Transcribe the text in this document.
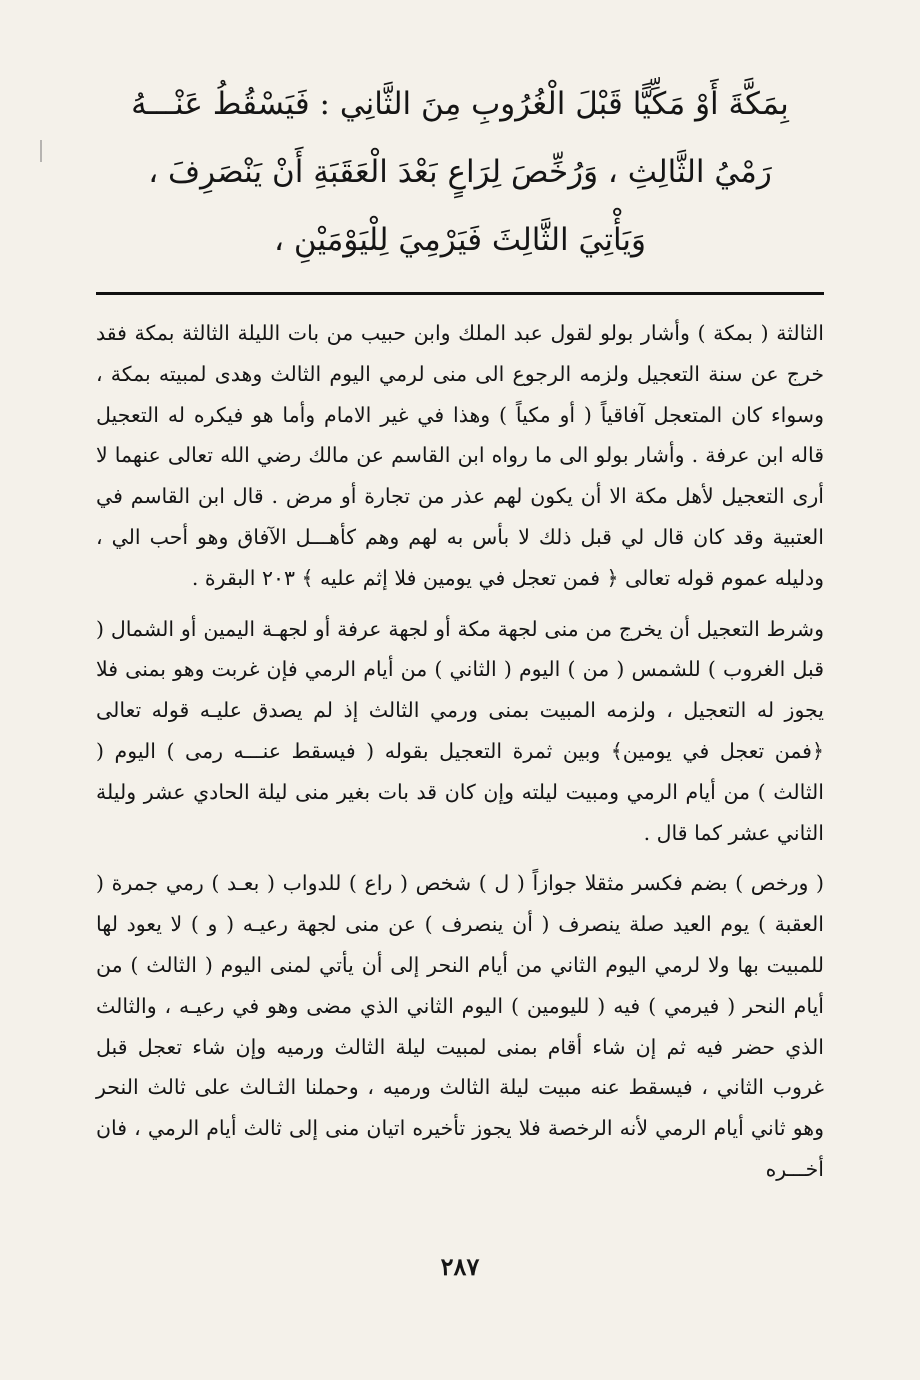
بِمَكَّةَ أَوْ مَكِّيًّا قَبْلَ الْغُرُوبِ مِنَ الثَّانِي : فَيَسْقُطُ عَنْـــهُ
رَمْيُ الثَّالِثِ ، وَرُخِّصَ لِرَاعٍ بَعْدَ الْعَقَبَةِ أَنْ يَنْصَرِفَ ،
وَيَأْتِيَ الثَّالِثَ فَيَرْمِيَ لِلْيَوْمَيْنِ ،

الثالثة ( بمكة ) وأشار بولو لقول عبد الملك وابن حبيب من بات الليلة الثالثة بمكة فقد خرج عن سنة التعجيل ولزمه الرجوع الى منى لرمي اليوم الثالث وهدى لمبيته بمكة ، وسواء كان المتعجل آفاقياً ( أو مكياً ) وهذا في غير الامام وأما هو فيكره له التعجيل قاله ابن عرفة . وأشار بولو الى ما رواه ابن القاسم عن مالك رضي الله تعالى عنهما لا أرى التعجيل لأهل مكة الا أن يكون لهم عذر من تجارة أو مرض . قال ابن القاسم في العتبية وقد كان قال لي قبل ذلك لا بأس به لهم وهم كأهـــل الآفاق وهو أحب الي ، ودليله عموم قوله تعالى ﴿ فمن تعجل في يومين فلا إثم عليه ﴾ ٢٠٣ البقرة .

وشرط التعجيل أن يخرج من منى لجهة مكة أو لجهة عرفة أو لجهـة اليمين أو الشمال ( قبل الغروب ) للشمس ( من ) اليوم ( الثاني ) من أيام الرمي فإن غربت وهو بمنى فلا يجوز له التعجيل ، ولزمه المبيت بمنى ورمي الثالث إذ لم يصدق عليـه قوله تعالى ﴿فمن تعجل في يومين﴾ وبين ثمرة التعجيل بقوله ( فيسقط عنـــه رمى ) اليوم ( الثالث ) من أيام الرمي ومبيت ليلته وإن كان قد بات بغير منى ليلة الحادي عشر وليلة الثاني عشر كما قال .

( ورخص ) بضم فكسر مثقلا جوازاً ( ل ) شخص ( راع ) للدواب ( بعـد ) رمي جمرة ( العقبة ) يوم العيد صلة ينصرف ( أن ينصرف ) عن منى لجهة رعيـه ( و ) لا يعود لها للمبيت بها ولا لرمي اليوم الثاني من أيام النحر إلى أن يأتي لمنى اليوم ( الثالث ) من أيام النحر ( فيرمي ) فيه ( لليومين ) اليوم الثاني الذي مضى وهو في رعيـه ، والثالث الذي حضر فيه ثم إن شاء أقام بمنى لمبيت ليلة الثالث ورميه وإن شاء تعجل قبل غروب الثاني ، فيسقط عنه مبيت ليلة الثالث ورميه ، وحملنا الثـالث على ثالث النحر وهو ثاني أيام الرمي لأنه الرخصة فلا يجوز تأخيره اتيان منى إلى ثالث أيام الرمي ، فان أخـــره

٢٨٧
